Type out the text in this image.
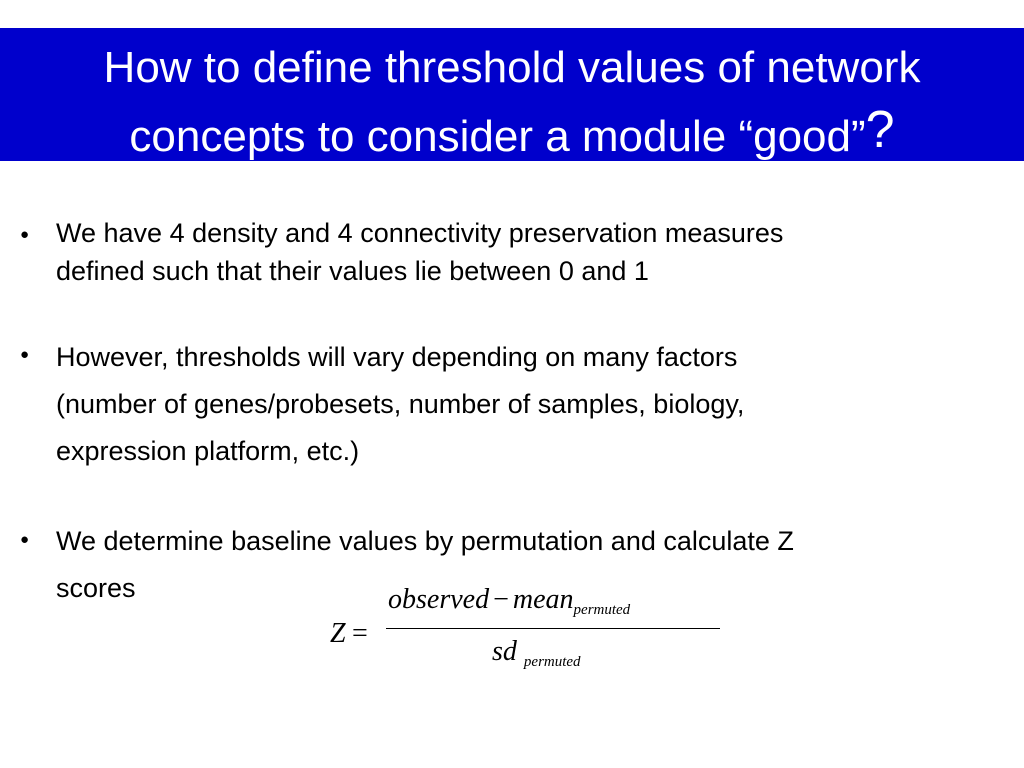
How to define threshold values of network
concepts to consider a module “good”?
● We have 4 density and 4 connectivity preservation measures
defined such that their values lie between 0 and 1
● However, thresholds will vary depending on many factors
(number of genes/probesets, number of samples, biology,
expression platform, etc.)
● We determine baseline values by permutation and calculate Z
scores
Z =
observed − mean$_{permuted}$
sd $_{permuted}$
